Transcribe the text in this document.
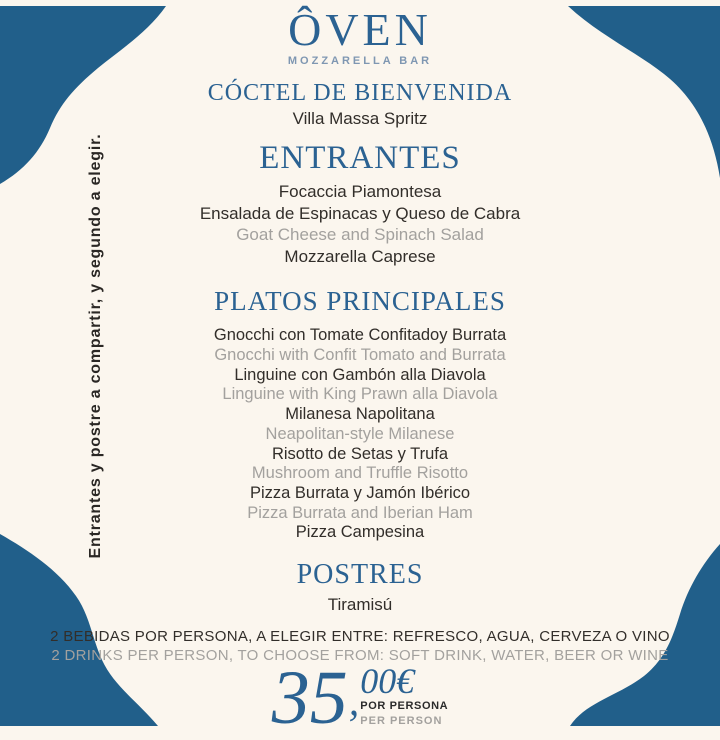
Entrantes y postre a compartir, y segundo a elegir.
ÔVEN
MOZZARELLA BAR
CÓCTEL DE BIENVENIDA
Villa Massa Spritz
ENTRANTES
Focaccia Piamontesa
Ensalada de Espinacas y Queso de Cabra
Goat Cheese and Spinach Salad
Mozzarella Caprese
PLATOS PRINCIPALES
Gnocchi con Tomate Confitadoy Burrata
Gnocchi with Confit Tomato and Burrata
Linguine con Gambón alla Diavola
Linguine with King Prawn alla Diavola
Milanesa Napolitana
Neapolitan-style Milanese
Risotto de Setas y Trufa
Mushroom and Truffle Risotto
Pizza Burrata y Jamón Ibérico
Pizza Burrata and Iberian Ham
Pizza Campesina
POSTRES
Tiramisú
2 BEBIDAS POR PERSONA, A ELEGIR ENTRE: REFRESCO, AGUA, CERVEZA O VINO
2 DRINKS PER PERSON, TO CHOOSE FROM: SOFT DRINK, WATER, BEER OR WINE
35 , 00€
POR PERSONA
PER PERSON
